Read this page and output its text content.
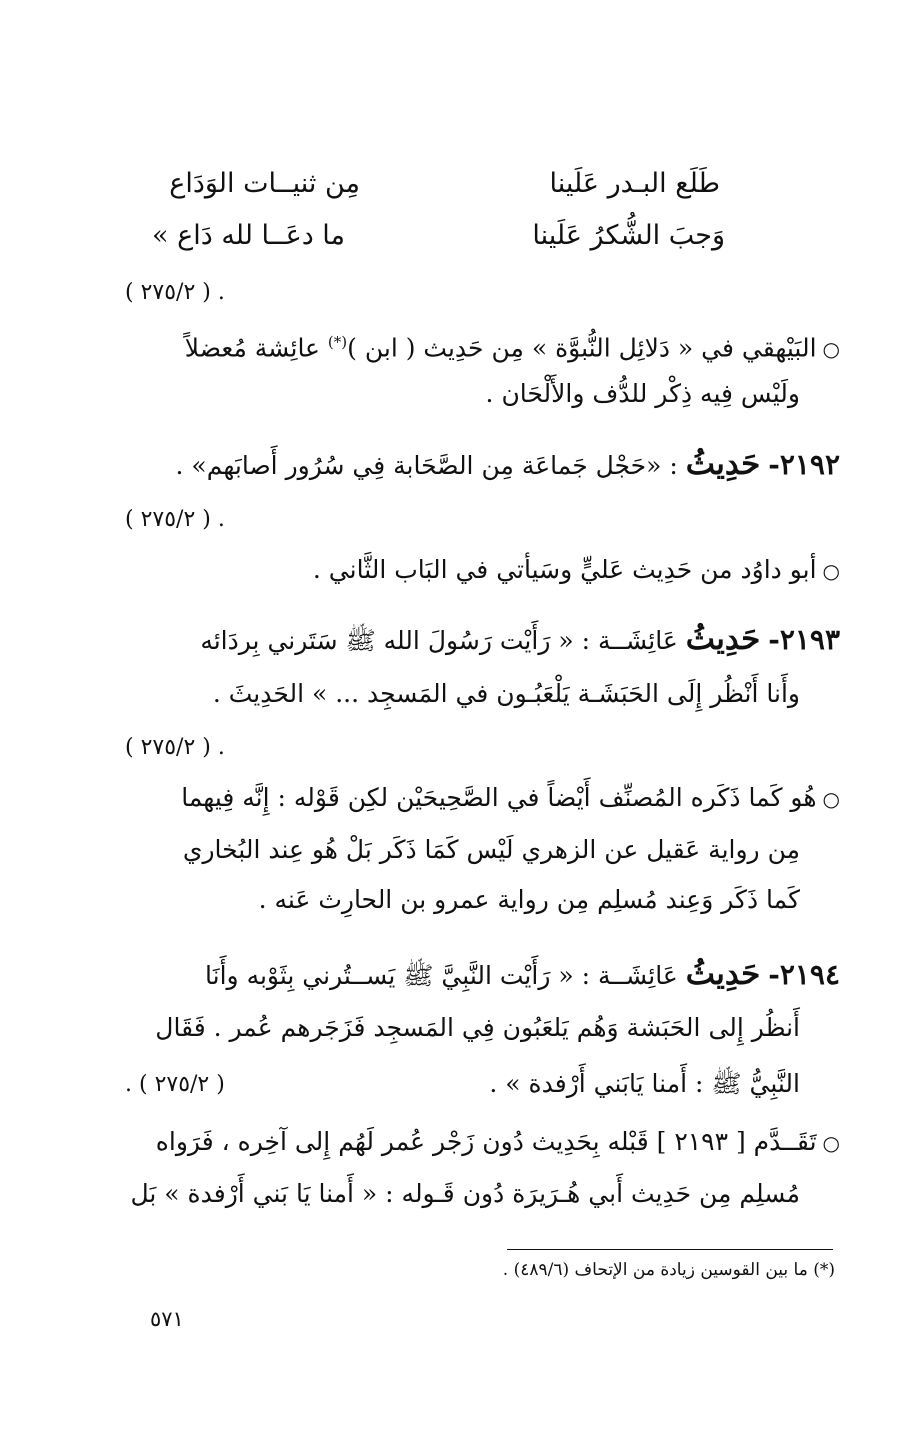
طَلَع البـدر عَلَينا
مِن ثنيــات الوَدَاع
وَجبَ الشُّكرُ عَلَينا
ما دعَــا لله دَاع »
. ( ٢٧٥/٢ )
○البَيْهقي في « دَلائِل النُّبوَّة » مِن حَدِيث ( ابن )(*) عائِشة مُعضلاً
ولَيْس فِيه ذِكْر للدُّف والأَلْحَان .
٢١٩٢- حَدِيثُ : «حَجْل جَماعَة مِن الصَّحَابة فِي سُرُور أَصابَهم» .
. ( ٢٧٥/٢ )
○أبو داوُد من حَدِيث عَليٍّ وسَيأتي في البَاب الثَّاني .
٢١٩٣- حَدِيثُ عَائِشَــة : « رَأَيْت رَسُولَ الله ﷺ سَتَرني بِردَائه
وأَنا أَنْظُر إِلَى الحَبَشَـة يَلْعَبُـون في المَسجِد ... » الحَدِيثَ .
. ( ٢٧٥/٢ )
○هُو كَما ذَكَره المُصنِّف أَيْضاً في الصَّحِيحَيْن لكِن قَوْله : إِنَّه فِيهما
مِن رواية عَقيل عن الزهري لَيْس كَمَا ذَكَر بَلْ هُو عِند البُخاري
كَما ذَكَر وَعِند مُسلِم مِن رواية عمرو بن الحارِث عَنه .
٢١٩٤- حَدِيثُ عَائِشَــة : « رَأَيْت النَّبِيَّ ﷺ يَســتُرني بِثَوْبه وأَنَا
أَنظُر إِلى الحَبَشة وَهُم يَلعَبُون فِي المَسجِد فَزَجَرهم عُمر . فَقَال
النَّبِيُّ ﷺ : أَمنا يَابَني أَرْفدة » .
( ٢٧٥/٢ ) .
○تَقَــدَّم [ ٢١٩٣ ] قَبْله بِحَدِيث دُون زَجْر عُمر لَهُم إِلى آخِره ، فَرَواه
مُسلِم مِن حَدِيث أَبي هُـرَيرَة دُون قَـوله : « أَمنا يَا بَني أَرْفدة » بَل
(*) ما بين القوسين زيادة من الإتحاف (٤٨٩/٦) .
٥٧١
